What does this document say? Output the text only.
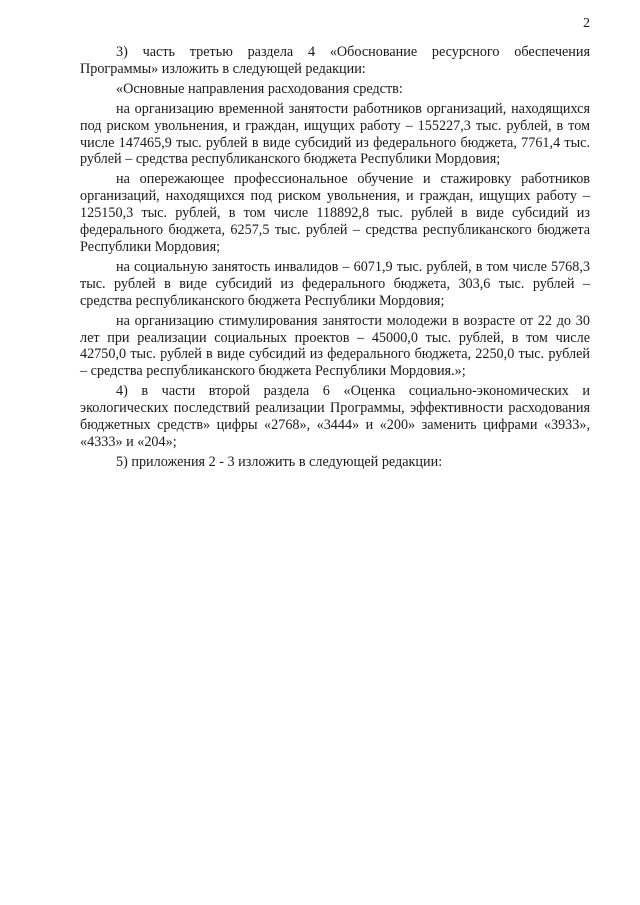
2

3) часть третью раздела 4 «Обоснование ресурсного обеспечения Программы» изложить в следующей редакции:

«Основные направления расходования средств:

на организацию временной занятости работников организаций, находящихся под риском увольнения, и граждан, ищущих работу – 155227,3 тыс. рублей, в том числе 147465,9 тыс. рублей в виде субсидий из федерального бюджета, 7761,4 тыс. рублей – средства республиканского бюджета Республики Мордовия;

на опережающее профессиональное обучение и стажировку работников организаций, находящихся под риском увольнения, и граждан, ищущих работу – 125150,3 тыс. рублей, в том числе 118892,8 тыс. рублей в виде субсидий из федерального бюджета, 6257,5 тыс. рублей – средства республиканского бюджета Республики Мордовия;

на социальную занятость инвалидов – 6071,9 тыс. рублей, в том числе 5768,3 тыс. рублей в виде субсидий из федерального бюджета, 303,6 тыс. рублей – средства республиканского бюджета Республики Мордовия;

на организацию стимулирования занятости молодежи в возрасте от 22 до 30 лет при реализации социальных проектов – 45000,0 тыс. рублей, в том числе 42750,0 тыс. рублей в виде субсидий из федерального бюджета, 2250,0 тыс. рублей – средства республиканского бюджета Республики Мордовия.»;

4) в части второй раздела 6 «Оценка социально-экономических и экологических последствий реализации Программы, эффективности расходования бюджетных средств» цифры «2768», «3444» и «200» заменить цифрами «3933», «4333» и «204»;

5) приложения 2 - 3 изложить в следующей редакции:
